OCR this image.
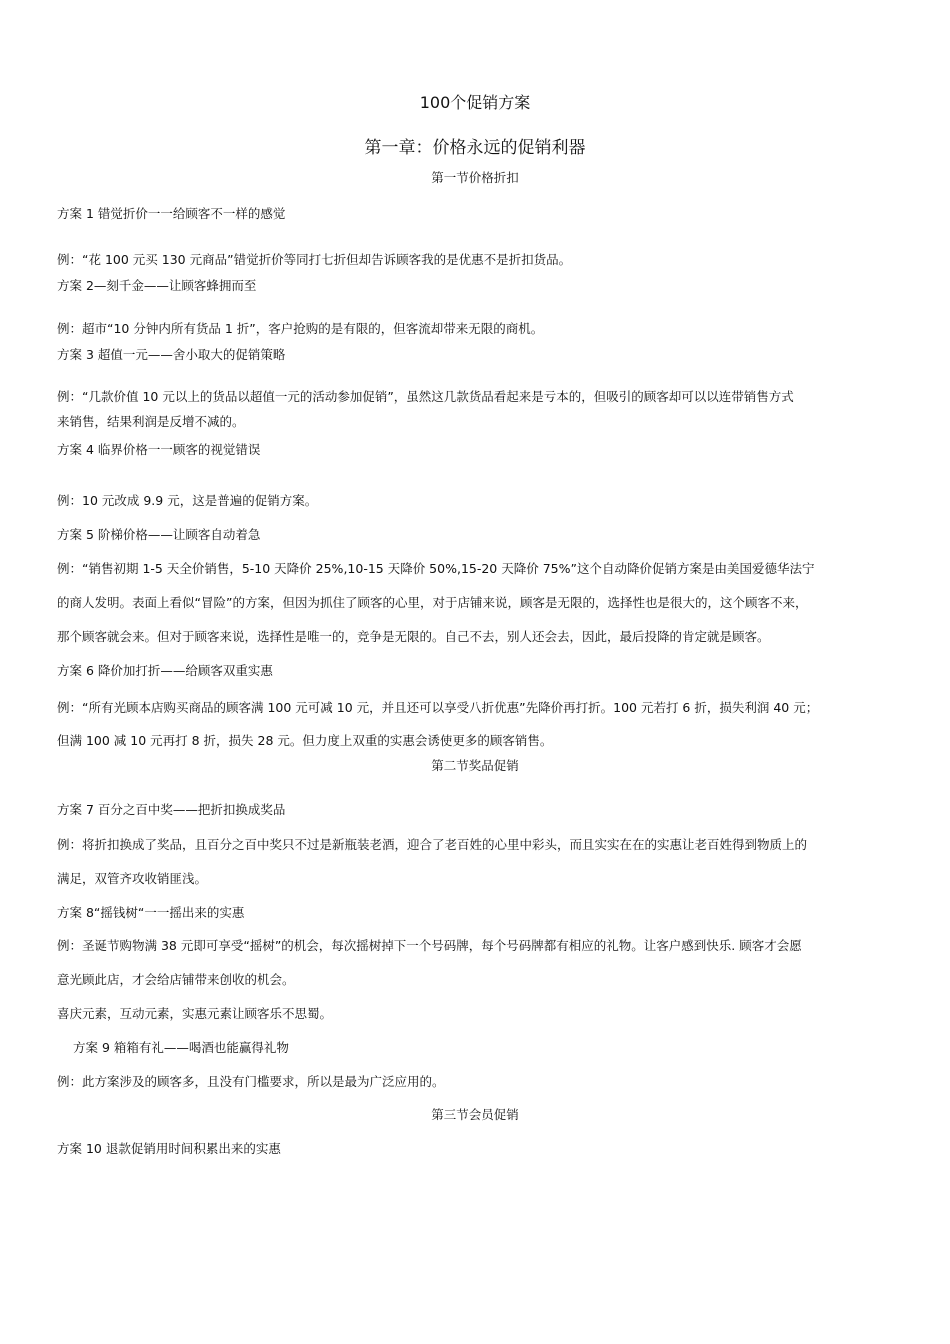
100个促销方案
第一章：价格永远的促销利器
第一节价格折扣
方案 1 错觉折价一一给顾客不一样的感觉
例：“花 100 元买 130 元商品”错觉折价等同打七折但却告诉顾客我的是优惠不是折扣货品。
方案 2—刻千金——让顾客蜂拥而至
例：超市“10 分钟内所有货品 1 折”，客户抢购的是有限的，但客流却带来无限的商机。
方案 3 超值一元——舍小取大的促销策略
例：“几款价值 10 元以上的货品以超值一元的活动参加促销”，虽然这几款货品看起来是亏本的，但吸引的顾客却可以以连带销售方式
来销售，结果利润是反增不减的。
方案 4 临界价格一一顾客的视觉错误
例：10 元改成 9.9 元，这是普遍的促销方案。
方案 5 阶梯价格——让顾客自动着急
例：“销售初期 1-5 天全价销售，5-10 天降价 25%,10-15 天降价 50%,15-20 天降价 75%”这个自动降价促销方案是由美国爱德华法宁
的商人发明。表面上看似“冒险”的方案，但因为抓住了顾客的心里，对于店铺来说，顾客是无限的，选择性也是很大的，这个顾客不来，
那个顾客就会来。但对于顾客来说，选择性是唯一的，竞争是无限的。自己不去，别人还会去，因此，最后投降的肯定就是顾客。
方案 6 降价加打折——给顾客双重实惠
例：“所有光顾本店购买商品的顾客满 100 元可减 10 元，并且还可以享受八折优惠”先降价再打折。100 元若打 6 折，损失利润 40 元；
但满 100 减 10 元再打 8 折，损失 28 元。但力度上双重的实惠会诱使更多的顾客销售。
第二节奖品促销
方案 7 百分之百中奖——把折扣换成奖品
例：将折扣换成了奖品，且百分之百中奖只不过是新瓶装老酒，迎合了老百姓的心里中彩头，而且实实在在的实惠让老百姓得到物质上的
满足，双管齐攻收销匪浅。
方案 8“摇钱树“一一摇出来的实惠
例：圣诞节购物满 38 元即可享受“摇树”的机会，每次摇树掉下一个号码牌，每个号码牌都有相应的礼物。让客户感到快乐. 顾客才会愿
意光顾此店，才会给店铺带来创收的机会。
喜庆元素，互动元素，实惠元素让顾客乐不思蜀。
方案 9 箱箱有礼——喝酒也能赢得礼物
例：此方案涉及的顾客多，且没有门槛要求，所以是最为广泛应用的。
第三节会员促销
方案 10 退款促销用时间积累出来的实惠
